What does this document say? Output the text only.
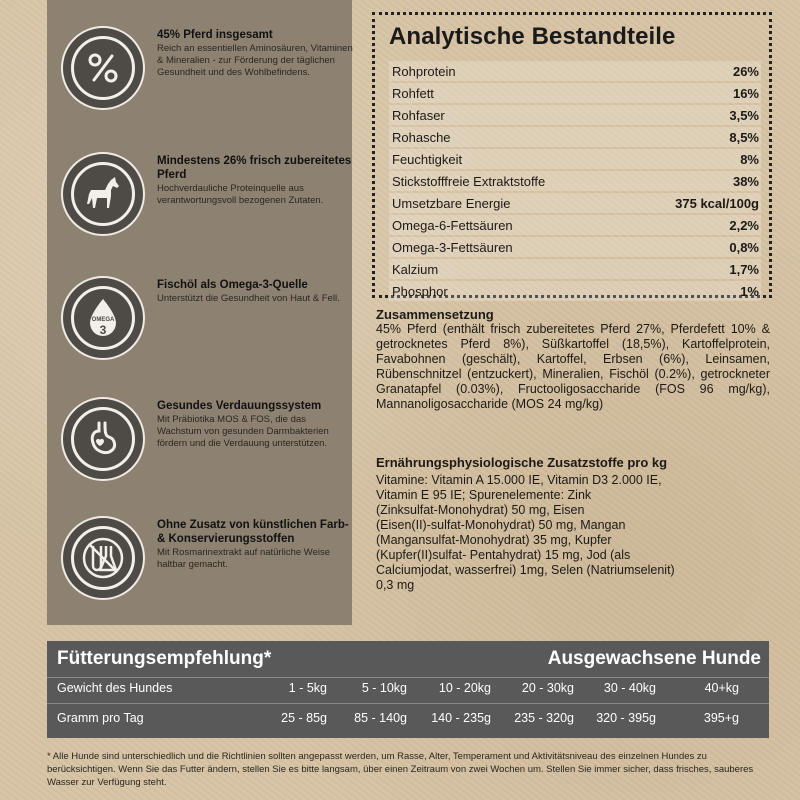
45% Pferd insgesamt

Reich an essentiellen Aminosäuren, Vitaminen & Mineralien - zur Förderung der täglichen Gesundheit und des Wohlbefindens.

Mindestens 26% frisch zubereitetes Pferd

Hochverdauliche Proteinquelle aus verantwortungsvoll bezogenen Zutaten.

OMEGA
3
Fischöl als Omega-3-Quelle

Unterstützt die Gesundheit von Haut & Fell.

Gesundes Verdauungssystem

Mit Präbiotika MOS & FOS, die das Wachstum von gesunden Darmbakterien fördern und die Verdauung unterstützen.

Ohne Zusatz von künstlichen Farb-& Konservierungsstoffen

Mit Rosmarinextrakt auf natürliche Weise haltbar gemacht.

Analytische Bestandteile
Rohprotein	26%
Rohfett	16%
Rohfaser	3,5%
Rohasche	8,5%
Feuchtigkeit	8%
Stickstofffreie Extraktstoffe	38%
Umsetzbare Energie	375 kcal/100g
Omega-6-Fettsäuren	2,2%
Omega-3-Fettsäuren	0,8%
Kalzium	1,7%
Phosphor	1%
Zusammensetzung

45% Pferd (enthält frisch zubereitetes Pferd 27%, Pferdefett 10% & getrocknetes Pferd 8%), Süßkartoffel (18,5%), Kartoffelprotein, Favabohnen (geschält), Kartoffel, Erbsen (6%), Leinsamen, Rübenschnitzel (entzuckert), Mineralien, Fischöl (0.2%), getrockneter Granatapfel (0.03%), Fructooligosaccharide (FOS 96 mg/kg), Mannanoligosaccharide (MOS 24 mg/kg)

Ernährungsphysiologische Zusatzstoffe pro kg

Vitamine: Vitamin A 15.000 IE, Vitamin D3 2.000 IE,
Vitamin E 95 IE; Spurenelemente: Zink
(Zinksulfat-Monohydrat) 50 mg, Eisen
(Eisen(II)-sulfat-Monohydrat) 50 mg, Mangan
(Mangansulfat-Monohydrat) 35 mg, Kupfer
(Kupfer(II)sulfat- Pentahydrat) 15 mg, Jod (als
Calciumjodat, wasserfrei) 1mg, Selen (Natriumselenit)
0,3 mg

Fütterungsempfehlung*	Ausgewachsene Hunde
Gewicht des Hundes	1 - 5kg	5 - 10kg	10 - 20kg	20 - 30kg	30 - 40kg	40+kg
Gramm pro Tag	25 - 85g	85 - 140g	140 - 235g	235 - 320g	320 - 395g	395+g
* Alle Hunde sind unterschiedlich und die Richtlinien sollten angepasst werden, um Rasse, Alter, Temperament und Aktivitätsniveau des einzelnen Hundes zu berücksichtigen. Wenn Sie das Futter ändern, stellen Sie es bitte langsam, über einen Zeitraum von zwei Wochen um. Stellen Sie immer sicher, dass frisches, sauberes Wasser zur Verfügung steht.
